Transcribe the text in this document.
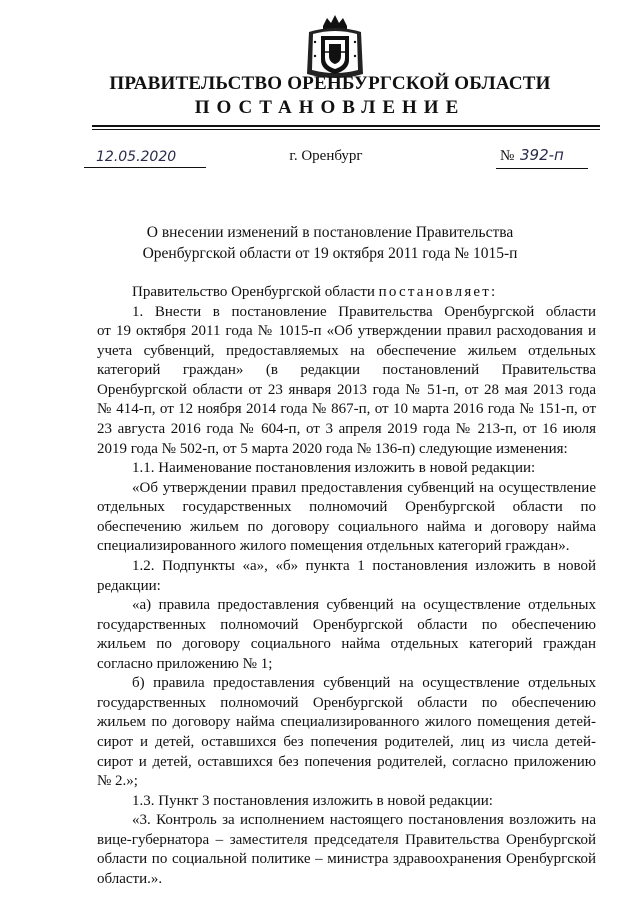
ПРАВИТЕЛЬСТВО ОРЕНБУРГСКОЙ ОБЛАСТИ
ПОСТАНОВЛЕНИЕ
12.05.2020	г. Оренбург	№ 392-п
О внесении изменений в постановление Правительства
Оренбургской области от 19 октября 2011 года № 1015-п
Правительство Оренбургской области постановляет:
1. Внести в постановление Правительства Оренбургской области
от 19 октября 2011 года № 1015-п «Об утверждении правил расходования и
учета субвенций, предоставляемых на обеспечение жильем отдельных
категорий граждан» (в редакции постановлений Правительства
Оренбургской области от 23 января 2013 года № 51-п, от 28 мая 2013 года
№ 414-п, от 12 ноября 2014 года № 867-п, от 10 марта 2016 года № 151-п, от
23 августа 2016 года № 604-п, от 3 апреля 2019 года № 213-п, от 16 июля
2019 года № 502-п, от 5 марта 2020 года № 136-п) следующие изменения:
1.1. Наименование постановления изложить в новой редакции:
«Об утверждении правил предоставления субвенций на осуществление
отдельных государственных полномочий Оренбургской области по
обеспечению жильем по договору социального найма и договору найма
специализированного жилого помещения отдельных категорий граждан».
1.2. Подпункты «а», «б» пункта 1 постановления изложить в новой
редакции:
«а) правила предоставления субвенций на осуществление отдельных
государственных полномочий Оренбургской области по обеспечению
жильем по договору социального найма отдельных категорий граждан
согласно приложению № 1;
б) правила предоставления субвенций на осуществление отдельных
государственных полномочий Оренбургской области по обеспечению
жильем по договору найма специализированного жилого помещения детей-
сирот и детей, оставшихся без попечения родителей, лиц из числа детей-
сирот и детей, оставшихся без попечения родителей, согласно приложению
№ 2.»;
1.3. Пункт 3 постановления изложить в новой редакции:
«3. Контроль за исполнением настоящего постановления возложить на
вице-губернатора – заместителя председателя Правительства Оренбургской
области по социальной политике – министра здравоохранения Оренбургской
области.».
